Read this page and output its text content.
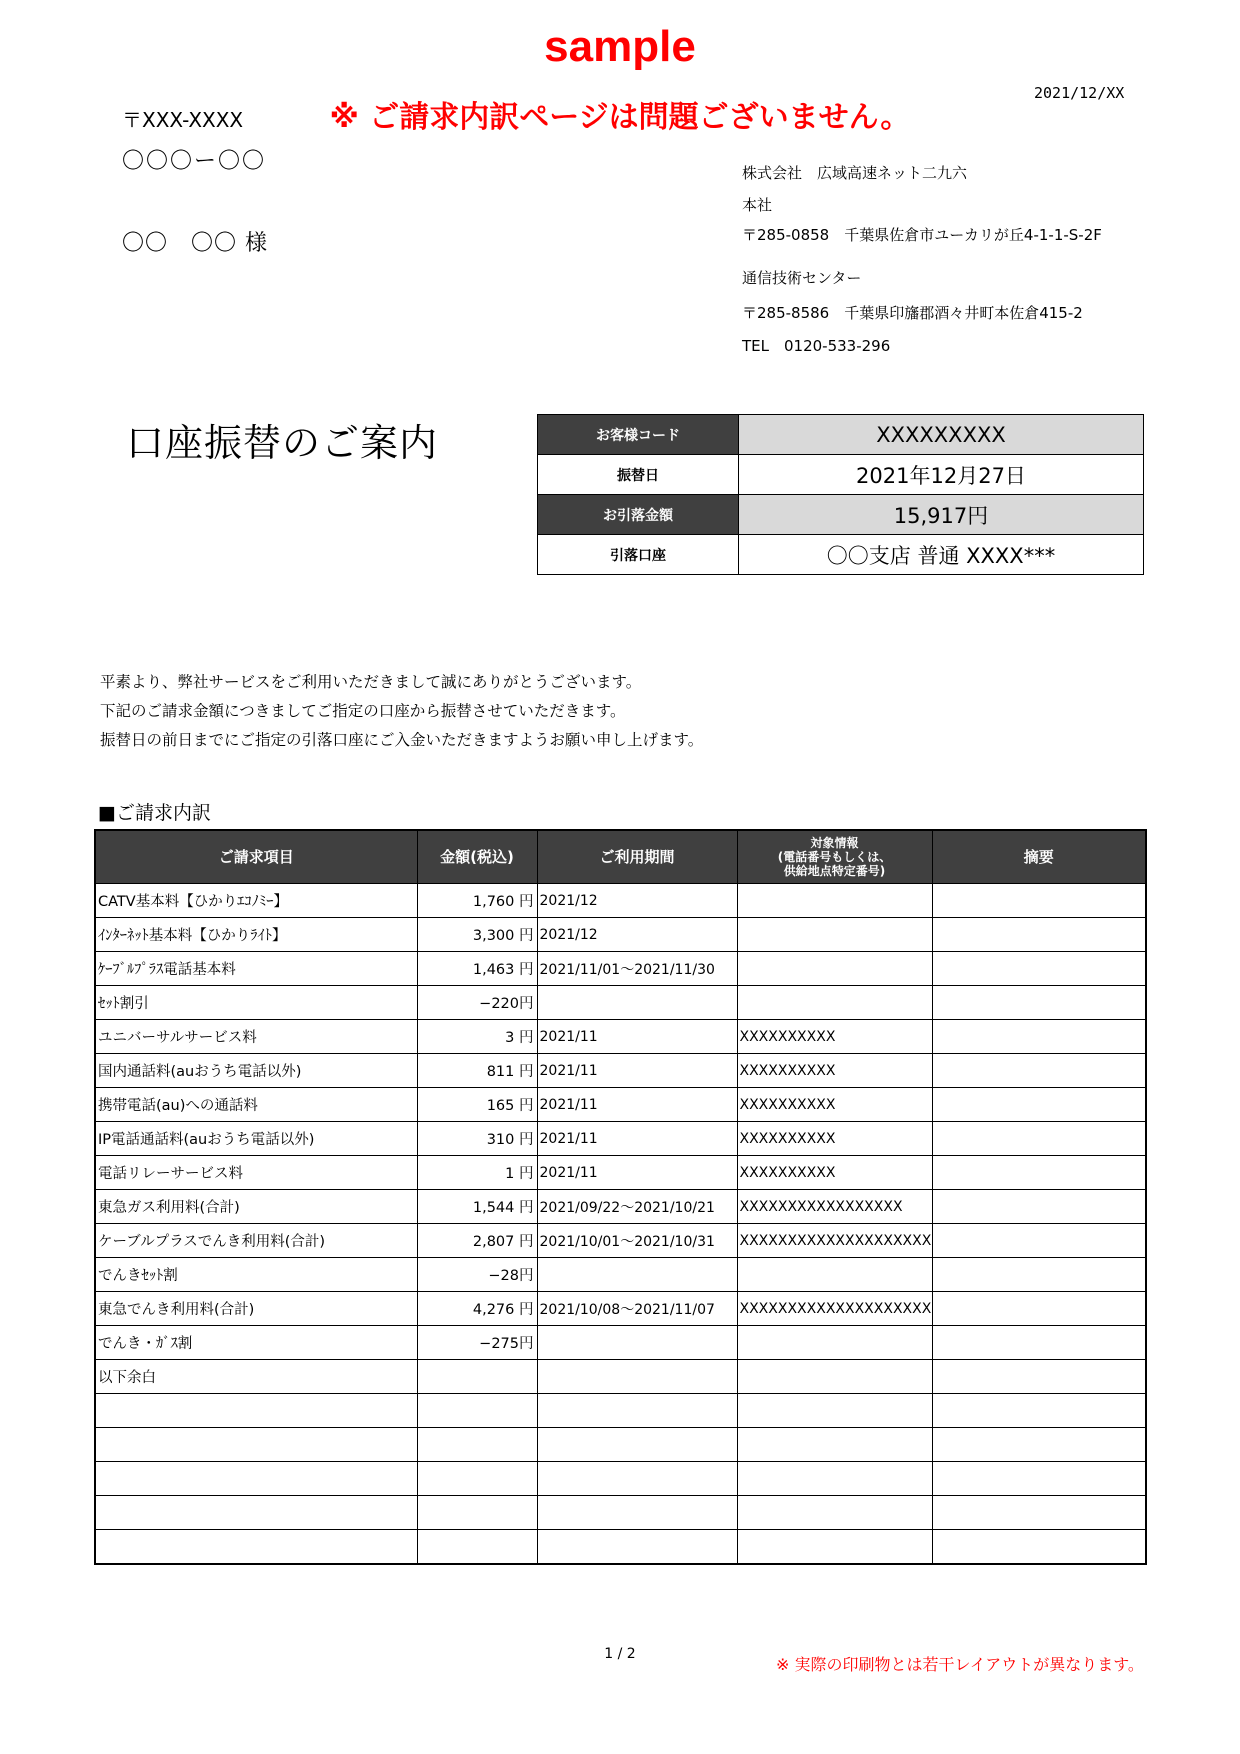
sample
※ ご請求内訳ページは問題ございません。
2021/12/XX
〒XXX-XXXX
〇〇〇ー〇〇
〇〇　〇〇 様
株式会社　広域高速ネット二九六
本社
〒285-0858　千葉県佐倉市ユーカリが丘4-1-1-S-2F
通信技術センター
〒285-8586　千葉県印旛郡酒々井町本佐倉415-2
TEL　0120-533-296
口座振替のご案内	お客様コード	XXXXXXXXX
振替日	2021年12月27日
お引落金額	15,917円
引落口座	〇〇支店 普通 XXXX***
平素より、弊社サービスをご利用いただきまして誠にありがとうございます。
下記のご請求金額につきましてご指定の口座から振替させていただきます。
振替日の前日までにご指定の引落口座にご入金いただきますようお願い申し上げます。
■ご請求内訳
ご請求項目	金額(税込)	ご利用期間	対象情報
(電話番号もしくは、
供給地点特定番号)	摘要
CATV基本料【ひかりｴｺﾉﾐｰ】	1,760 円	2021/12		
ｲﾝﾀｰﾈｯﾄ基本料【ひかりﾗｲﾄ】	3,300 円	2021/12		
ｹｰﾌﾞﾙﾌﾟﾗｽ電話基本料	1,463 円	2021/11/01～2021/11/30		
ｾｯﾄ割引	−220円			
ユニバーサルサービス料	3 円	2021/11	XXXXXXXXXX	
国内通話料(auおうち電話以外)	811 円	2021/11	XXXXXXXXXX	
携帯電話(au)への通話料	165 円	2021/11	XXXXXXXXXX	
IP電話通話料(auおうち電話以外)	310 円	2021/11	XXXXXXXXXX	
電話リレーサービス料	1 円	2021/11	XXXXXXXXXX	
東急ガス利用料(合計)	1,544 円	2021/09/22～2021/10/21	XXXXXXXXXXXXXXXXX	
ケーブルプラスでんき利用料(合計)	2,807 円	2021/10/01～2021/10/31	XXXXXXXXXXXXXXXXXXXX	
でんきｾｯﾄ割	−28円			
東急でんき利用料(合計)	4,276 円	2021/10/08～2021/11/07	XXXXXXXXXXXXXXXXXXXX	
でんき・ｶﾞｽ割	−275円			
以下余白				

1 / 2
※ 実際の印刷物とは若干レイアウトが異なります。
